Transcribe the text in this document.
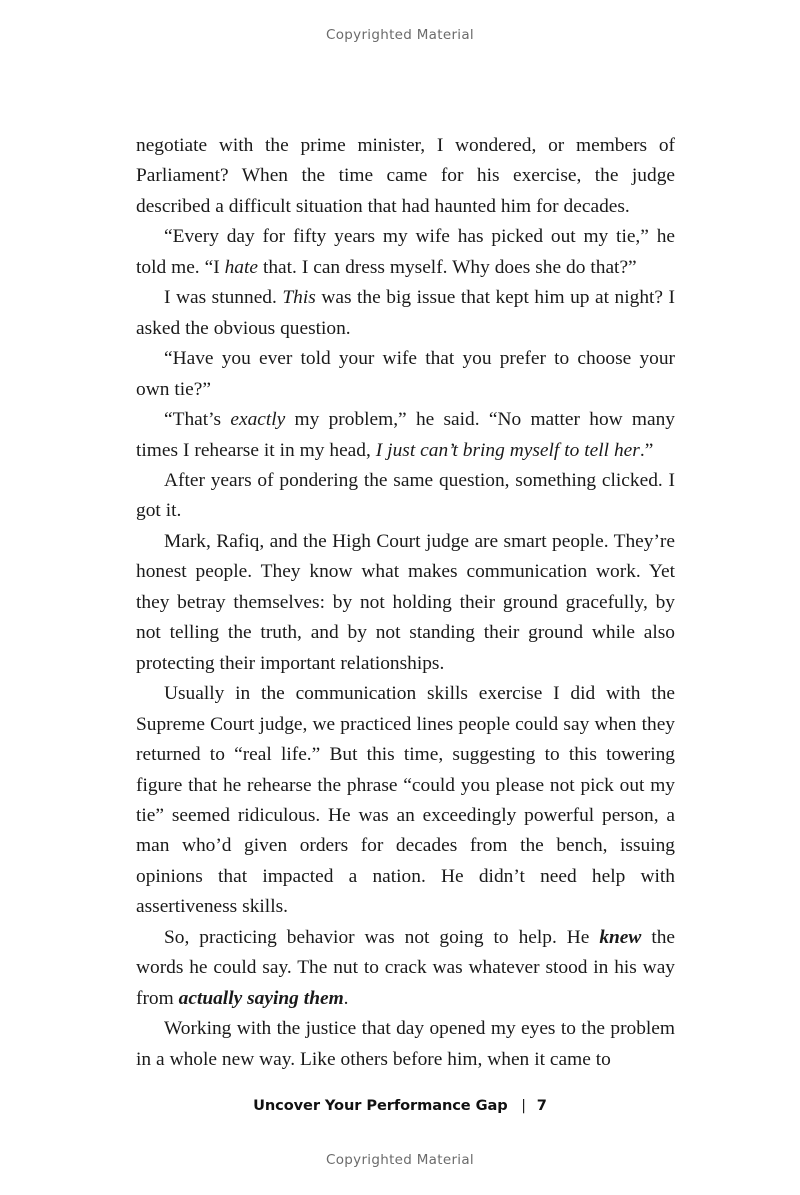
Copyrighted Material

negotiate with the prime minister, I wondered, or members of Parliament? When the time came for his exercise, the judge described a difficult situation that had haunted him for decades.

“Every day for fifty years my wife has picked out my tie,” he told me. “I hate that. I can dress myself. Why does she do that?”

I was stunned. This was the big issue that kept him up at night? I asked the obvious question.

“Have you ever told your wife that you prefer to choose your own tie?”

“That’s exactly my problem,” he said. “No matter how many times I rehearse it in my head, I just can’t bring myself to tell her.”

After years of pondering the same question, something clicked. I got it.

Mark, Rafiq, and the High Court judge are smart people. They’re honest people. They know what makes communication work. Yet they betray themselves: by not holding their ground gracefully, by not telling the truth, and by not standing their ground while also protecting their important relationships.

Usually in the communication skills exercise I did with the Supreme Court judge, we practiced lines people could say when they returned to “real life.” But this time, suggesting to this towering figure that he rehearse the phrase “could you please not pick out my tie” seemed ridiculous. He was an exceedingly powerful person, a man who’d given orders for decades from the bench, issuing opinions that impacted a nation. He didn’t need help with assertiveness skills.

So, practicing behavior was not going to help. He knew the words he could say. The nut to crack was whatever stood in his way from actually saying them.

Working with the justice that day opened my eyes to the problem in a whole new way. Like others before him, when it came to

Uncover Your Performance Gap | 7
Copyrighted Material
